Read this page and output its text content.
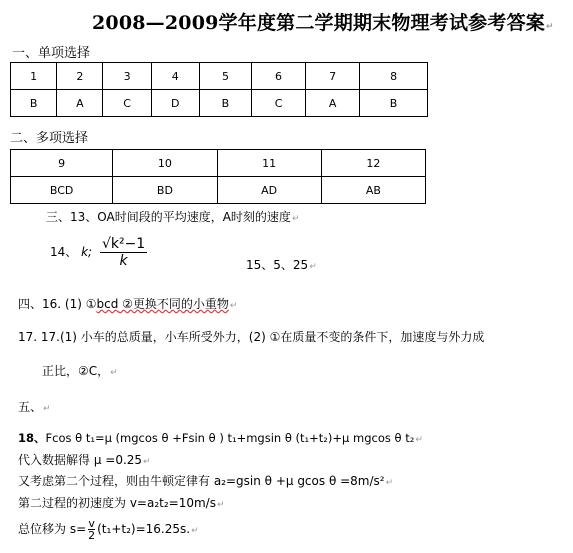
2008—2009学年度第二学期期末物理考试参考答案↵
一、单项选择
1	2	3	4	5	6	7	8
B	A	C	D	B	C	A	B
二、多项选择
9	10	11	12
BCD	BD	AD	AB
三、13、OA时间段的平均速度，A时刻的速度↵
14、 k; $\frac{\text{√k²−1}}{k}$	15、5、25↵
四、16. (1) ①bcd ②更换不同的小重物↵
17. 17.(1) 小车的总质量，小车所受外力，(2) ①在质量不变的条件下，加速度与外力成
正比，②C，↵
五、↵
18、Fcos θ t₁=μ (mgcos θ +Fsin θ ) t₁+mgsin θ (t₁+t₂)+μ mgcos θ t₂↵
代入数据解得 μ =0.25↵
又考虑第二个过程，则由牛顿定律有 a₂=gsin θ +μ gcos θ =8m/s²↵
第二过程的初速度为 v=a₂t₂=10m/s↵
总位移为 $s= \frac{v}{2}$ (t₁+t₂)=16.25s.↵
